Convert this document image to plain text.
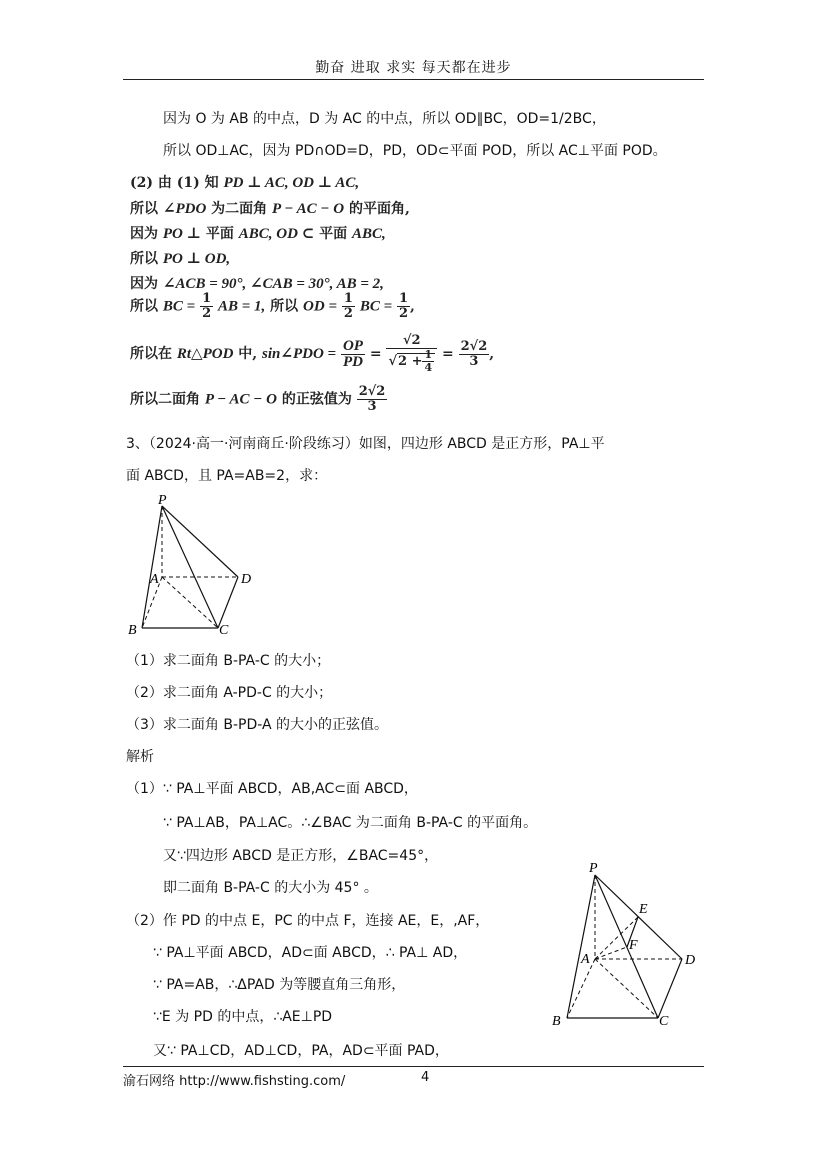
勤奋 进取 求实 每天都在进步
因为 O 为 AB 的中点，D 为 AC 的中点，所以 OD∥BC，OD=1/2BC，
所以 OD⊥AC，因为 PD∩OD=D，PD，OD⊂平面 POD，所以 AC⊥平面 POD。
(2) 由 (1) 知 PD ⊥ AC, OD ⊥ AC,
所以 ∠PDO 为二面角 P − AC − O 的平面角,
因为 PO ⊥ 平面 ABC, OD ⊂ 平面 ABC,
所以 PO ⊥ OD,
因为 ∠ACB = 90°, ∠CAB = 30°, AB = 2,
所以 BC = $\frac{1}{2}$ AB = 1, 所以 OD = $\frac{1}{2}$ BC = $\frac{1}{2}$ ,
所以在 Rt△POD 中, sin∠PDO = $\frac{OP}{PD} = \frac{√2}{√2 + \frac{1}{4}} = \frac{2√2}{3}$ ,
所以二面角 P − AC − O 的正弦值为 $\frac{2√2}{3}$
3、（2024·高一·河南商丘·阶段练习）如图，四边形 ABCD 是正方形，PA⊥平
面 ABCD，且 PA=AB=2，求：
P
A	D
B	C
（1）求二面角 B-PA-C 的大小；
（2）求二面角 A-PD-C 的大小；
（3）求二面角 B-PD-A 的大小的正弦值。
解析
（1）∵ PA⊥平面 ABCD，AB,AC⊂面 ABCD，
∵ PA⊥AB，PA⊥AC。∴∠BAC 为二面角 B-PA-C 的平面角。
又∵四边形 ABCD 是正方形，∠BAC=45°，
即二面角 B-PA-C 的大小为 45° 。
（2）作 PD 的中点 E，PC 的中点 F，连接 AE，E，,AF，
∵ PA⊥平面 ABCD，AD⊂面 ABCD，∴ PA⊥ AD，
∵ PA=AB，∴ΔPAD 为等腰直角三角形，
∵E 为 PD 的中点，∴AE⊥PD
又∵ PA⊥CD，AD⊥CD，PA，AD⊂平面 PAD，
P
E
F
A	D
B	C
渝石网络 http://www.fishsting.com/	4
